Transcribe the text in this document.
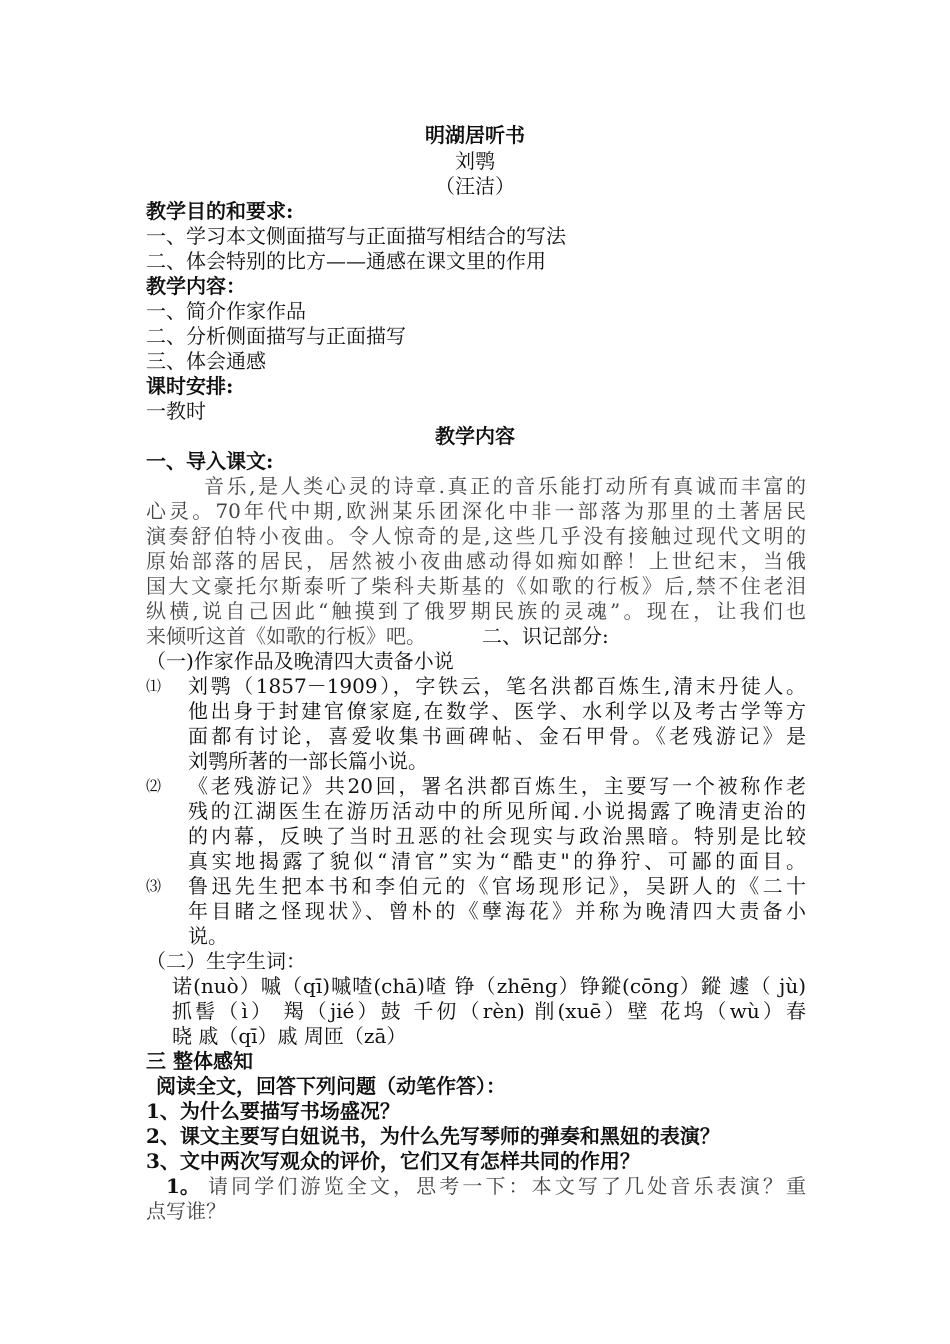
明湖居听书
刘鹗
（汪洁）
教学目的和要求:
一、学习本文侧面描写与正面描写相结合的写法
二、体会特别的比方——通感在课文里的作用
教学内容：
一、简介作家作品
二、分析侧面描写与正面描写
三、体会通感
课时安排:
一教时
教学内容
一、导入课文:
音乐,是人类心灵的诗章.真正的音乐能打动所有真诚而丰富的
心灵。70年代中期,欧洲某乐团深化中非一部落为那里的土著居民
演奏舒伯特小夜曲。令人惊奇的是,这些几乎没有接触过现代文明的
原始部落的居民，居然被小夜曲感动得如痴如醉！上世纪末，当俄
国大文豪托尔斯泰听了柴科夫斯基的《如歌的行板》后,禁不住老泪
纵横,说自己因此“触摸到了俄罗期民族的灵魂”。现在，让我们也
来倾听这首《如歌的行板》吧。	二、识记部分:
（一)作家作品及晚清四大责备小说
⑴ 刘鹗（1857－1909），字铁云，笔名洪都百炼生,清末丹徒人。
他出身于封建官僚家庭,在数学、医学、水利学以及考古学等方
面都有讨论，喜爱收集书画碑帖、金石甲骨。《老残游记》是
刘鹗所著的一部长篇小说。
⑵ 《老残游记》共20回，署名洪都百炼生，主要写一个被称作老
残的江湖医生在游历活动中的所见所闻.小说揭露了晚清吏治的
的内幕，反映了当时丑恶的社会现实与政治黑暗。特别是比较
真实地揭露了貌似“清官”实为“酷吏"的狰狞、可鄙的面目。
⑶ 鲁迅先生把本书和李伯元的《官场现形记》，吴趼人的《二十
年目睹之怪现状》、曾朴的《孽海花》并称为晚清四大责备小
说。
（二）生字生词：
诺(nuò）嘁（qī)嘁喳(chā)喳 铮（zhēng）铮鏦(cōng）鏦 遽（ jù)
抓髻（ì） 羯（jié）鼓 千仞（rèn) 削(xuē）壁 花坞（wù）春
晓 戚（qī）戚 周匝（zā）
三 整体感知
阅读全文，回答下列问题（动笔作答）：
1、为什么要描写书场盛况？
2、课文主要写白妞说书，为什么先写琴师的弹奏和黑妞的表演？
3、文中两次写观众的评价，它们又有怎样共同的作用？
1。 请同学们游览全文，思考一下：本文写了几处音乐表演？重
点写谁？
